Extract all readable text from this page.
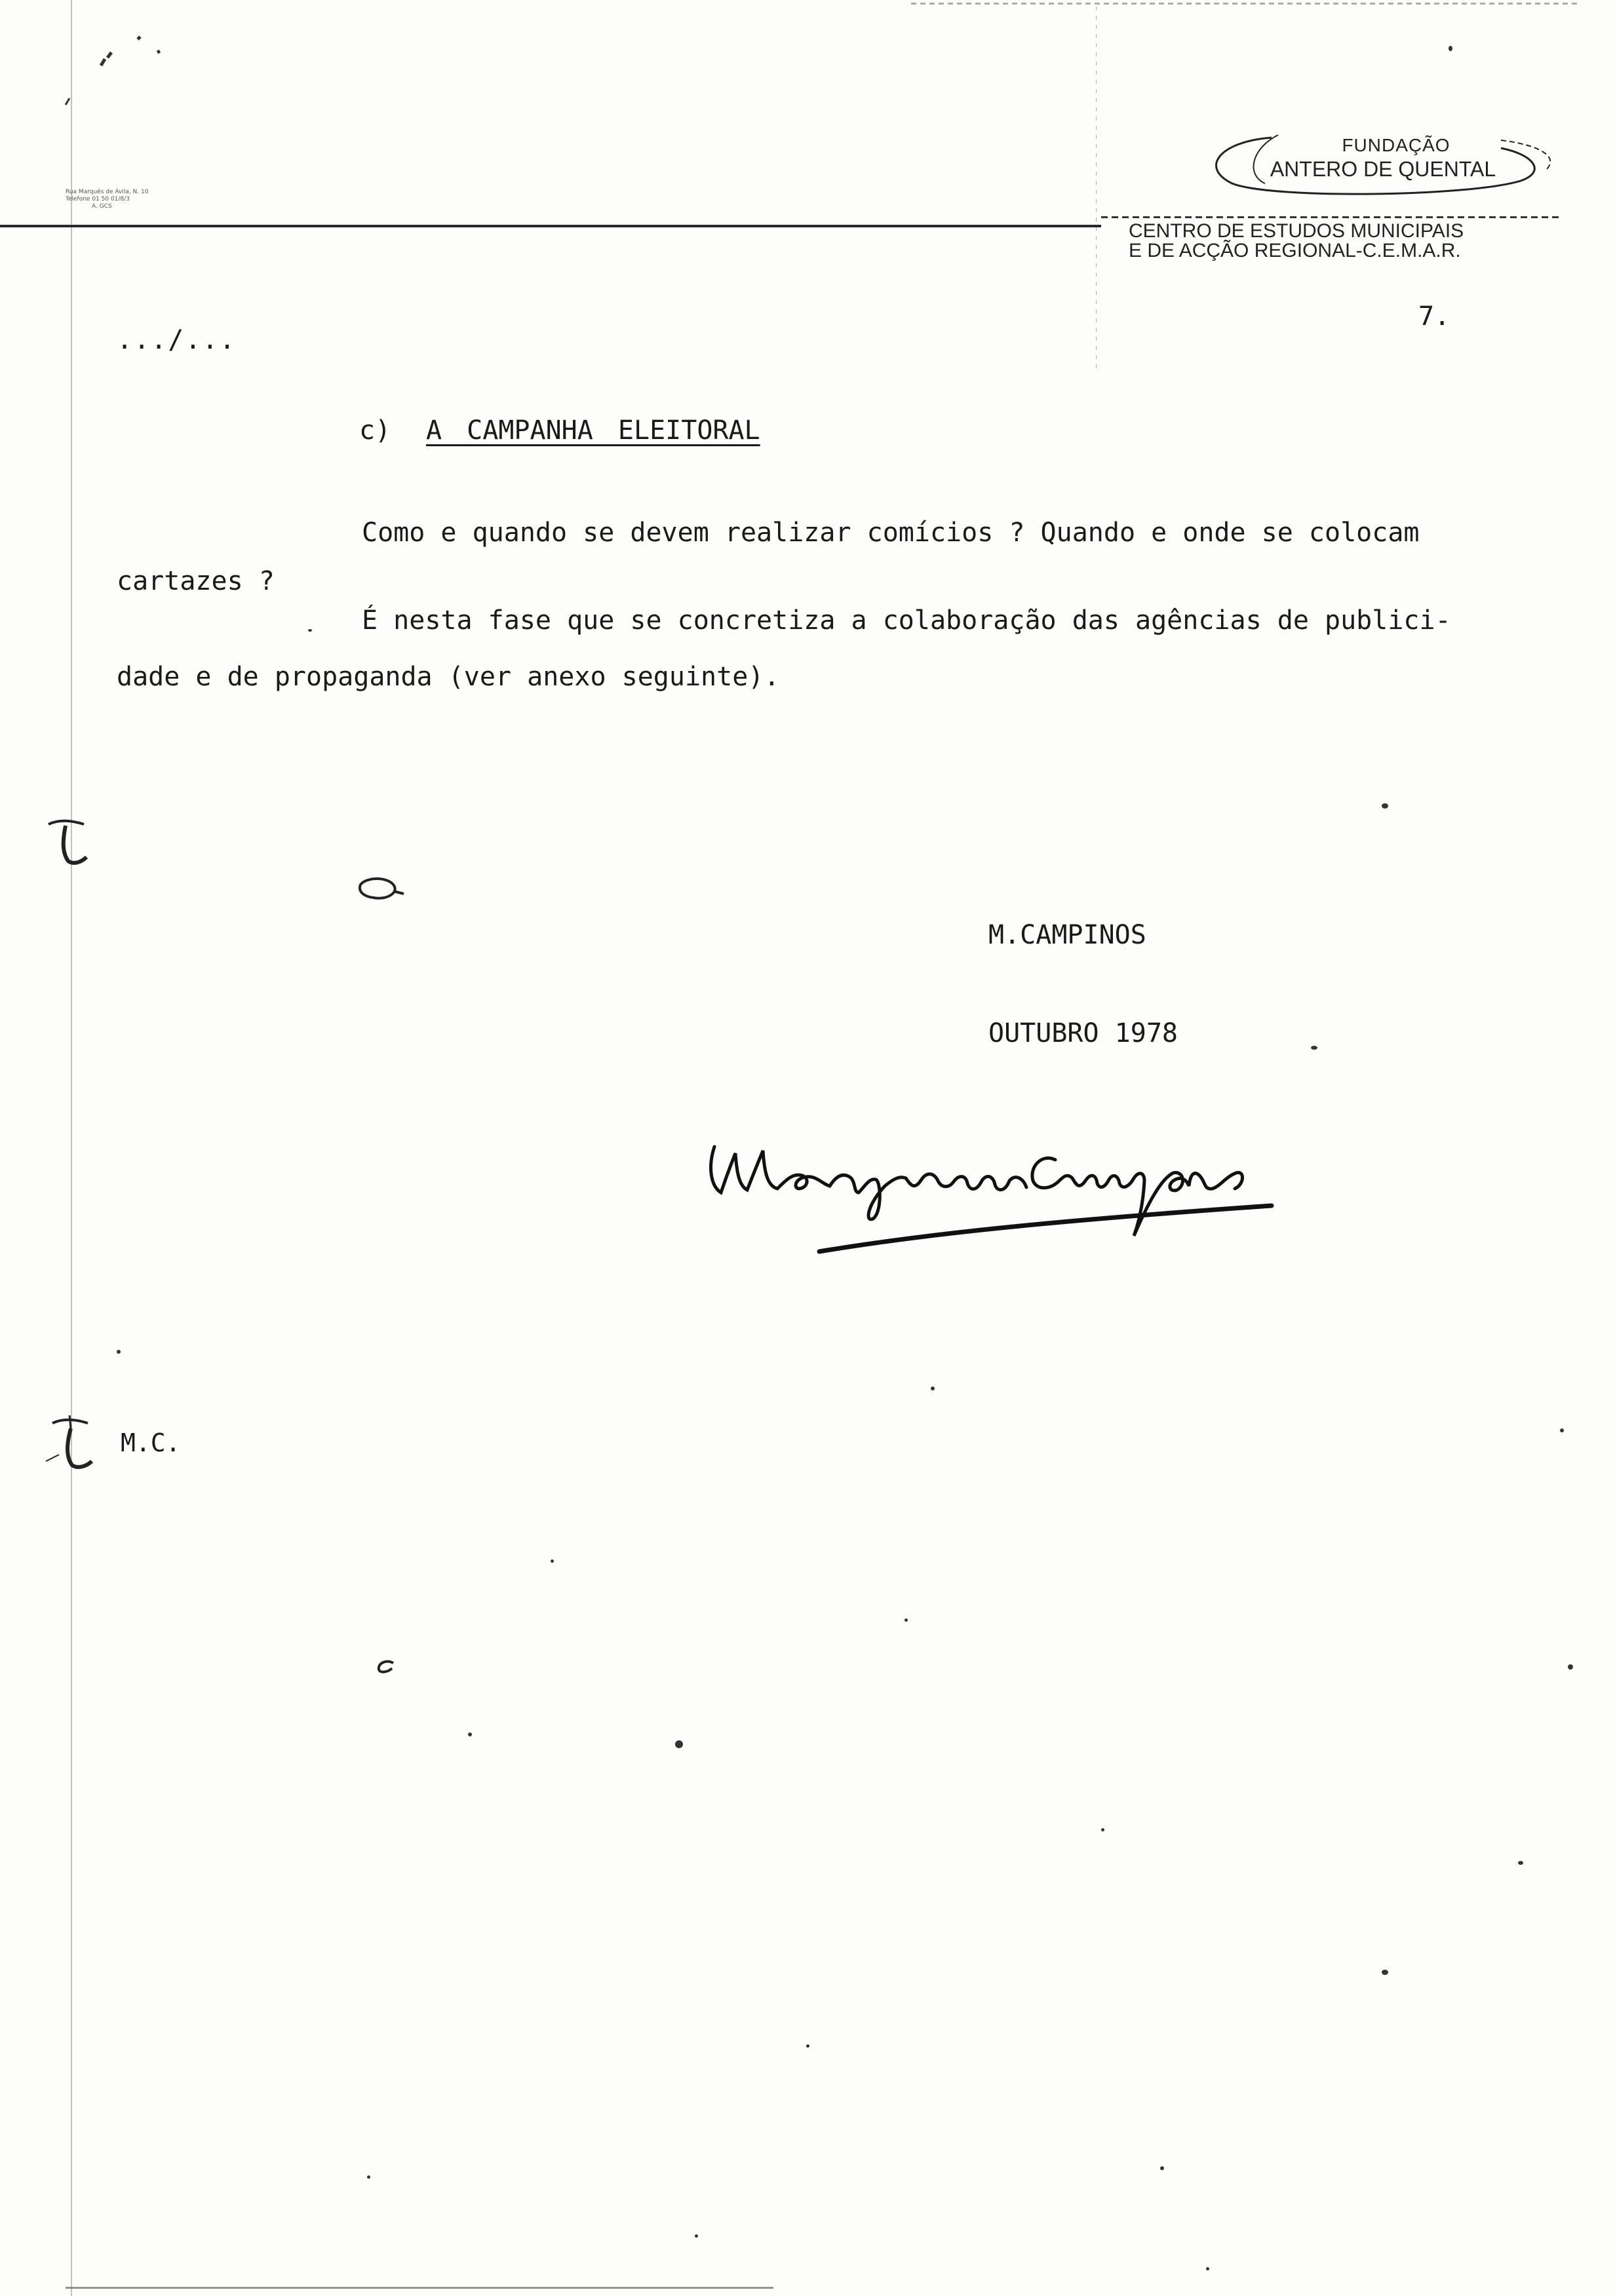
Rua Marquês de Ávila, N. 10
Telefone 01 50 01/8/3
A. GCS
FUNDAÇÃO
ANTERO DE QUENTAL
CENTRO DE ESTUDOS MUNICIPAIS
E DE ACÇÃO REGIONAL-C.E.M.A.R.
7.
.../...
c) A CAMPANHA ELEITORAL
Como e quando se devem realizar comícios ? Quando e onde se colocam
cartazes ?
É nesta fase que se concretiza a colaboração das agências de publici-
dade e de propaganda (ver anexo seguinte).
M.CAMPINOS
OUTUBRO 1978
M.C.
